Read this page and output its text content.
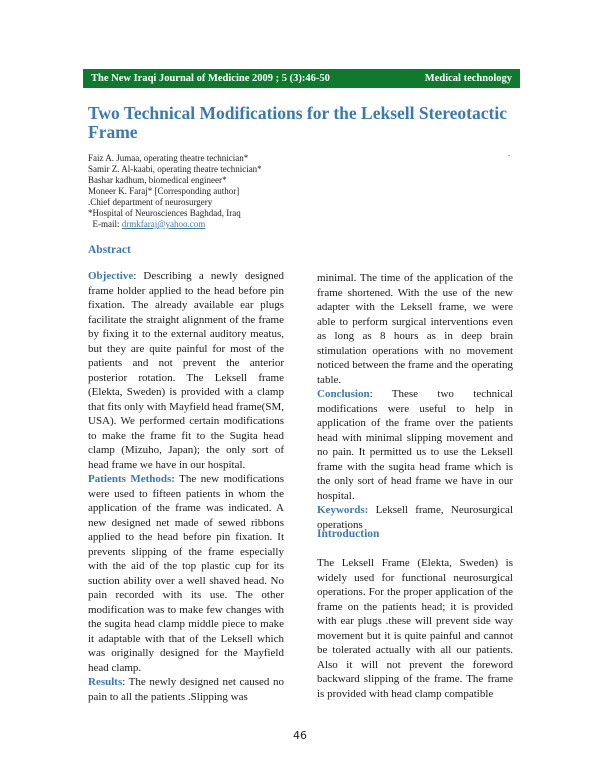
The New Iraqi Journal of Medicine 2009 ; 5 (3):46-50	Medical technology
Two Technical Modifications for the Leksell Stereotactic Frame
.
Faiz A. Jumaa, operating theatre technician*
Samir Z. Al-kaabi, operating theatre technician*
Bashar kadhum, biomedical engineer*
Moneer K. Faraj* [Corresponding author]
.Chief department of neurosurgery
*Hospital of Neurosciences Baghdad, Iraq
E-mail: drmkfaraj@yahoo.com
Abstract

Objective: Describing a newly designed frame holder applied to the head before pin fixation. The already available ear plugs facilitate the straight alignment of the frame by fixing it to the external auditory meatus, but they are quite painful for most of the patients and not prevent the anterior posterior rotation. The Leksell frame (Elekta, Sweden) is provided with a clamp that fits only with Mayfield head frame(SM, USA). We performed certain modifications to make the frame fit to the Sugita head clamp (Mizuho, Japan); the only sort of head frame we have in our hospital.

Patients Methods: The new modifications were used to fifteen patients in whom the application of the frame was indicated. A new designed net made of sewed ribbons applied to the head before pin fixation. It prevents slipping of the frame especially with the aid of the top plastic cup for its suction ability over a well shaved head. No pain recorded with its use. The other modification was to make few changes with the sugita head clamp middle piece to make it adaptable with that of the Leksell which was originally designed for the Mayfield head clamp.

Results: The newly designed net caused no pain to all the patients .Slipping was

minimal. The time of the application of the frame shortened. With the use of the new adapter with the Leksell frame, we were able to perform surgical interventions even as long as 8 hours as in deep brain stimulation operations with no movement noticed between the frame and the operating table.

Conclusion: These two technical modifications were useful to help in application of the frame over the patients head with minimal slipping movement and no pain. It permitted us to use the Leksell frame with the sugita head frame which is the only sort of head frame we have in our hospital.

Keywords: Leksell frame, Neurosurgical operations

Introduction

The Leksell Frame (Elekta, Sweden) is widely used for functional neurosurgical operations. For the proper application of the frame on the patients head; it is provided with ear plugs .these will prevent side way movement but it is quite painful and cannot be tolerated actually with all our patients. Also it will not prevent the foreword backward slipping of the frame. The frame is provided with head clamp compatible

46
